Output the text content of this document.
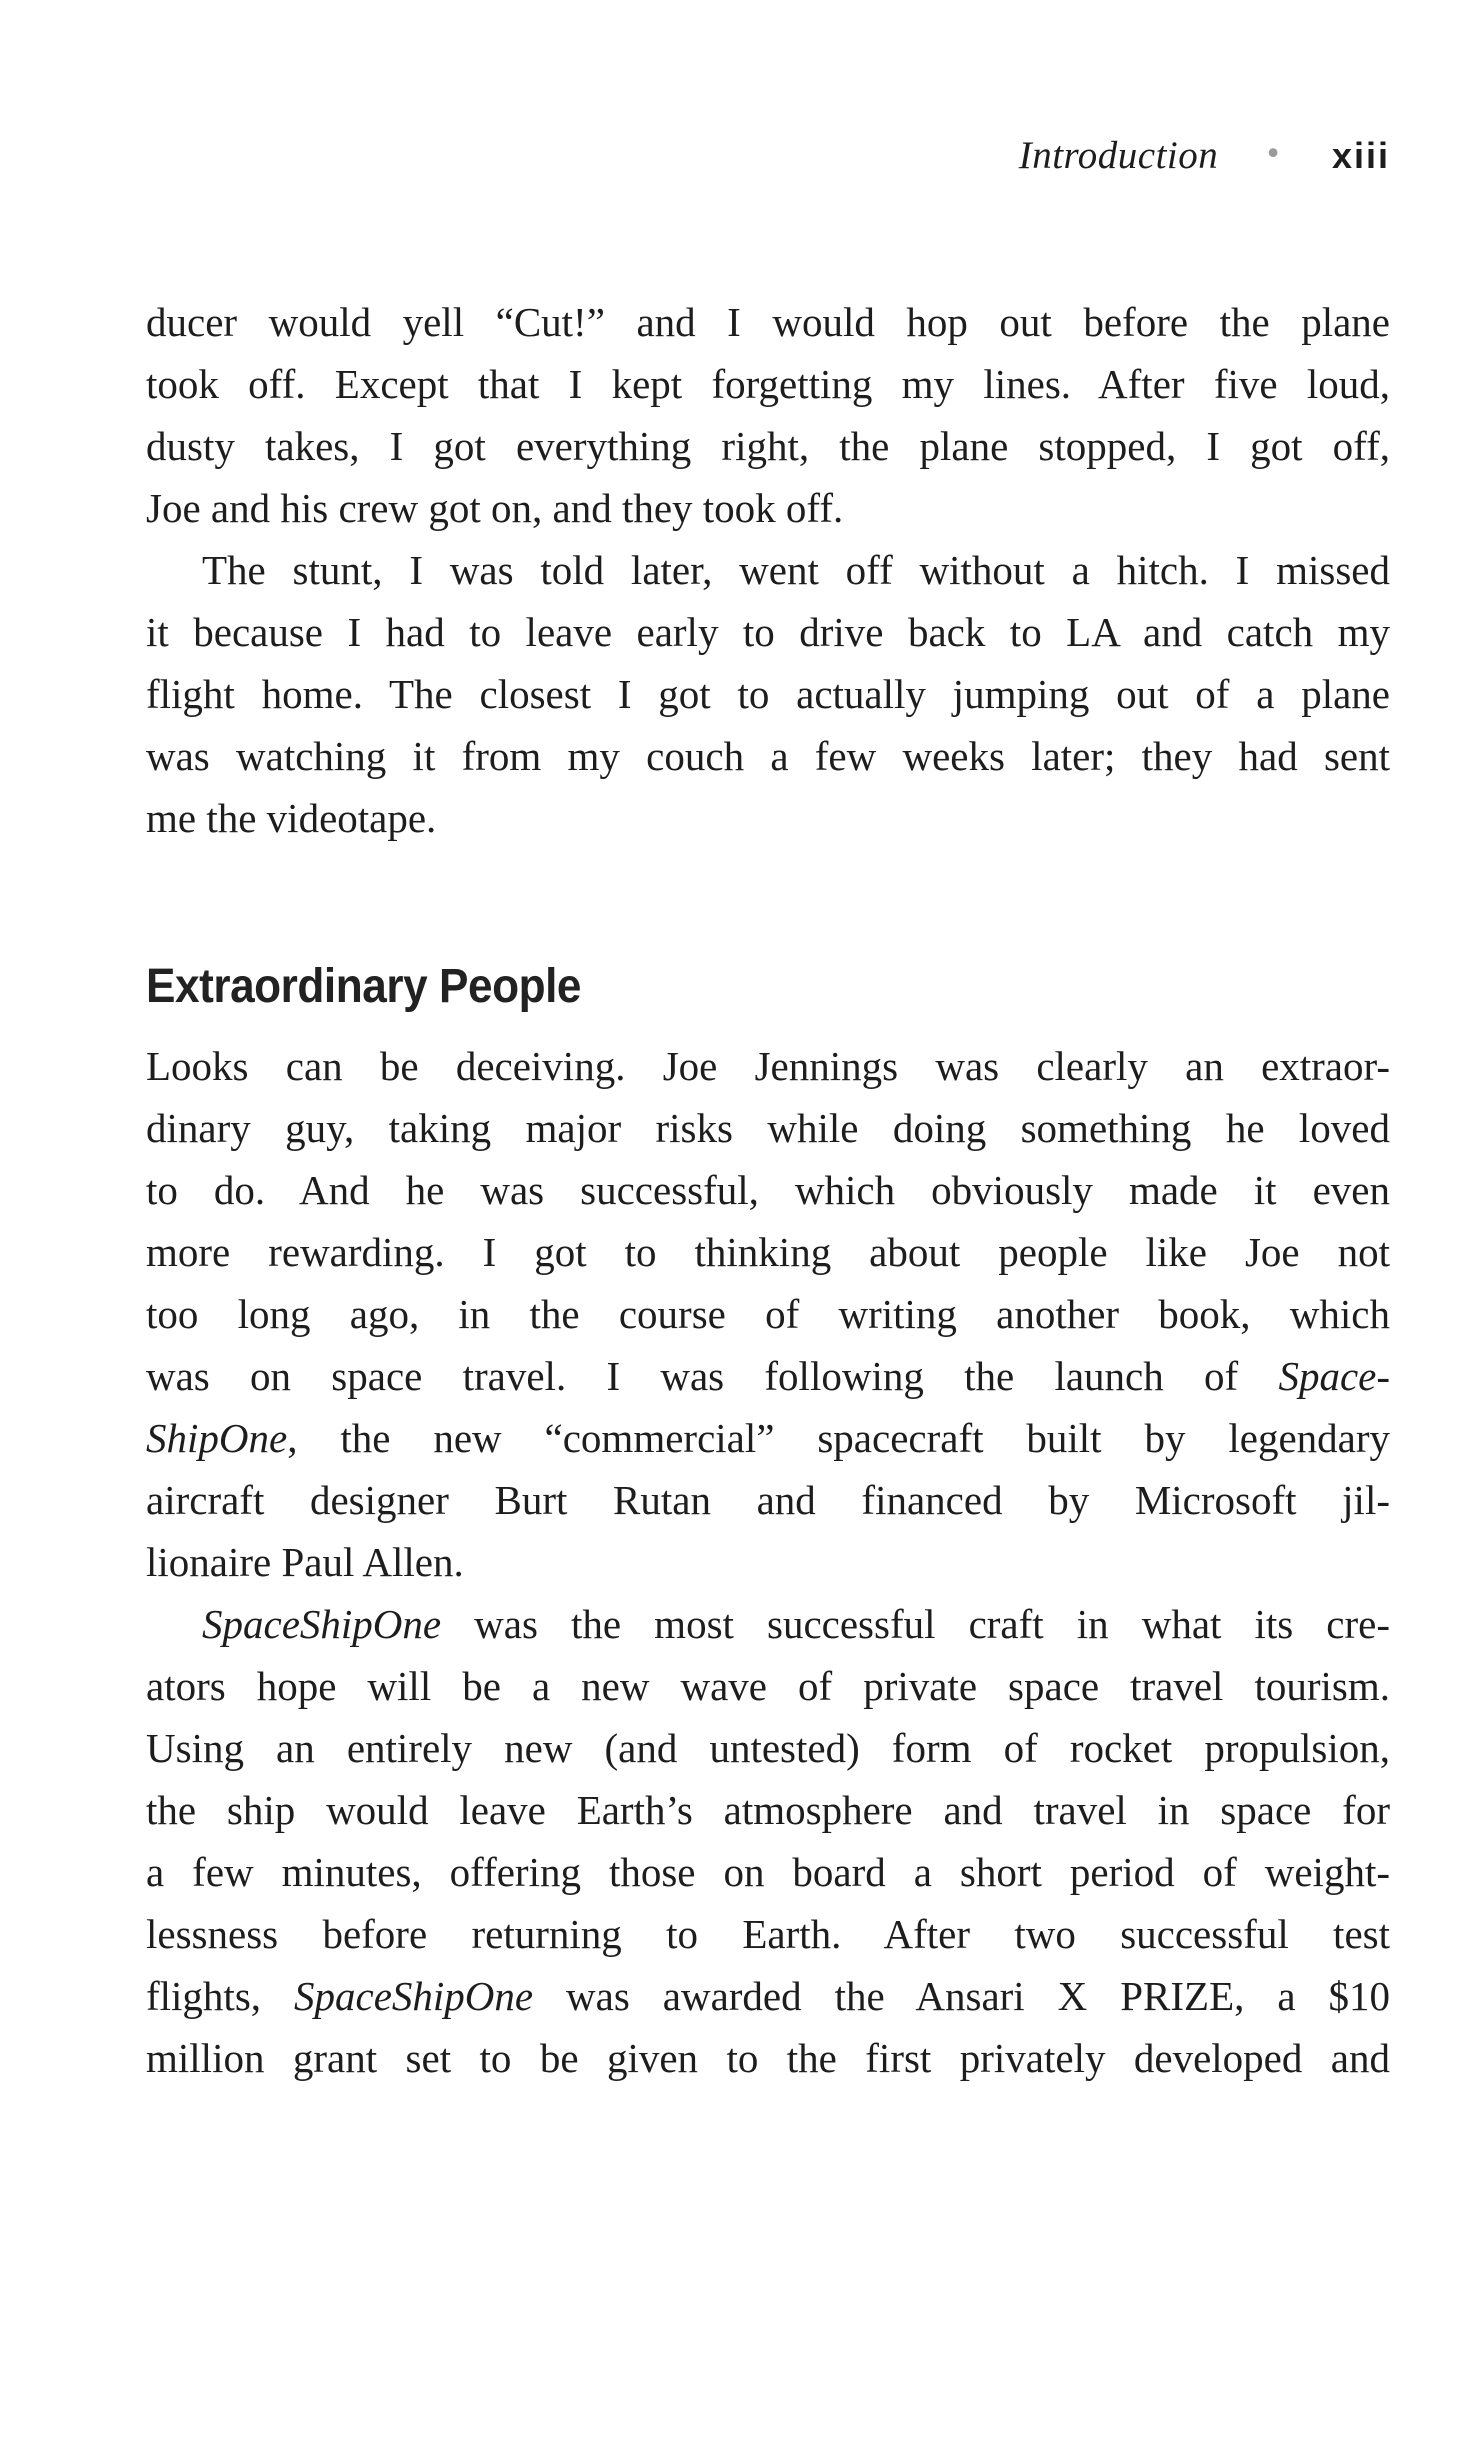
Introduction • xiii
ducer would yell “Cut!” and I would hop out before the plane
took off. Except that I kept forgetting my lines. After five loud,
dusty takes, I got everything right, the plane stopped, I got off,
Joe and his crew got on, and they took off.
The stunt, I was told later, went off without a hitch. I missed
it because I had to leave early to drive back to LA and catch my
flight home. The closest I got to actually jumping out of a plane
was watching it from my couch a few weeks later; they had sent
me the videotape.
Extraordinary People
Looks can be deceiving. Joe Jennings was clearly an extraor-
dinary guy, taking major risks while doing something he loved
to do. And he was successful, which obviously made it even
more rewarding. I got to thinking about people like Joe not
too long ago, in the course of writing another book, which
was on space travel. I was following the launch of Space-
ShipOne, the new “commercial” spacecraft built by legendary
aircraft designer Burt Rutan and financed by Microsoft jil-
lionaire Paul Allen.
SpaceShipOne was the most successful craft in what its cre-
ators hope will be a new wave of private space travel tourism.
Using an entirely new (and untested) form of rocket propulsion,
the ship would leave Earth’s atmosphere and travel in space for
a few minutes, offering those on board a short period of weight-
lessness before returning to Earth. After two successful test
flights, SpaceShipOne was awarded the Ansari X PRIZE, a $10
million grant set to be given to the first privately developed and
